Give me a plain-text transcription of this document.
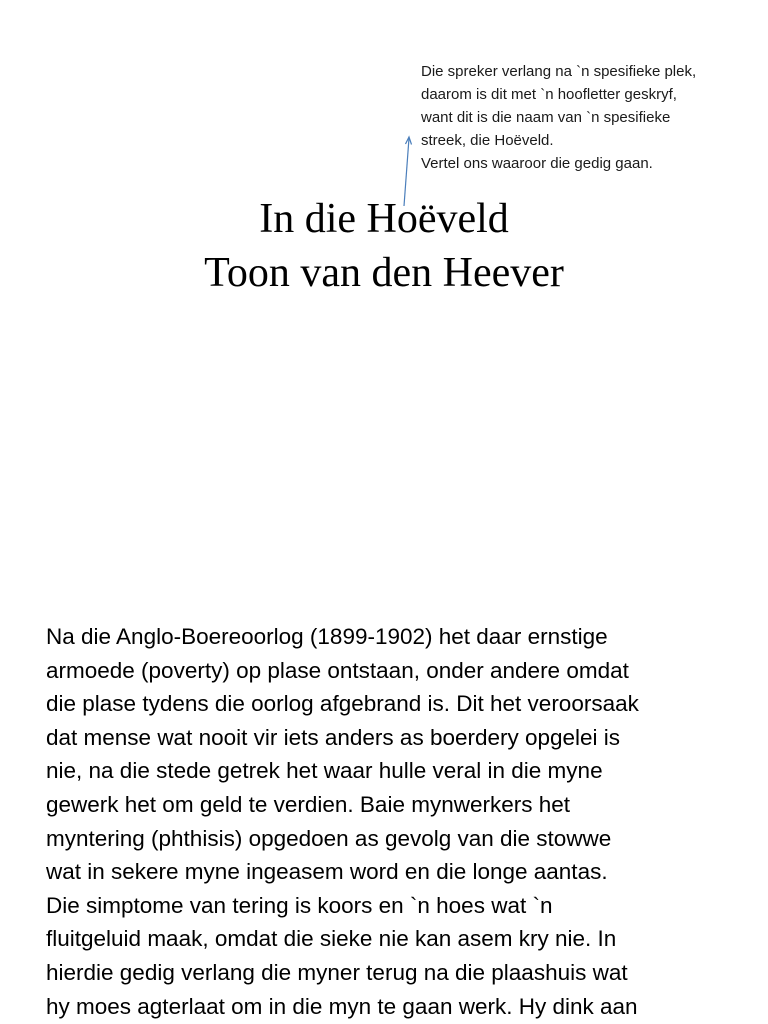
Die spreker verlang na `n spesifieke plek,
daarom is dit met `n hoofletter geskryf,
want dit is die naam van `n spesifieke
streek, die Hoëveld.
Vertel ons waaroor die gedig gaan.
In die Hoëveld
Toon van den Heever
Na die Anglo-Boereoorlog (1899-1902) het daar ernstige
armoede (poverty) op plase ontstaan, onder andere omdat
die plase tydens die oorlog afgebrand is. Dit het veroorsaak
dat mense wat nooit vir iets anders as boerdery opgelei is
nie, na die stede getrek het waar hulle veral in die myne
gewerk het om geld te verdien. Baie mynwerkers het
myntering (phthisis) opgedoen as gevolg van die stowwe
wat in sekere myne ingeasem word en die longe aantas.
Die simptome van tering is koors en `n hoes wat `n
fluitgeluid maak, omdat die sieke nie kan asem kry nie. In
hierdie gedig verlang die myner terug na die plaashuis wat
hy moes agterlaat om in die myn te gaan werk. Hy dink aan
